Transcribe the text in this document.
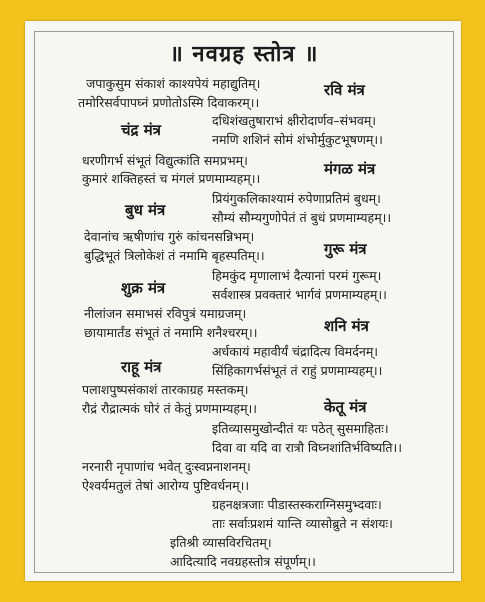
॥ नवग्रह स्तोत्र ॥
रवि मंत्र
चंद्र मंत्र
मंगळ मंत्र
बुध मंत्र
गुरू मंत्र
शुक्र मंत्र
शनि मंत्र
राहू मंत्र
केतू मंत्र
जपाकुसुम संकाशं काश्यपेयं महाद्युतिम्।
तमोरिसर्वपापघ्नं प्रणोतोऽस्मि दिवाकरम्।।
दधिशंखतुषाराभं क्षीरोदार्णव–संभवम्।
नमणि शशिनं सोमं शंभोर्मुकुटभूषणम्।।
धरणीगर्भ संभूतं विद्युत्कांति समप्रभम्।
कुमारं शक्तिहस्तं च मंगलं प्रणमाम्यहम्।।
प्रियंगुकलिकाश्यामं रुपेणाप्रतिमं बुधम्।
सौम्यं सौम्यगुणोपेतं तं बुधं प्रणमाम्यहम्।।
देवानांच ऋषीणांच गुरुं कांचनसन्निभम्।
बुद्धिभूतं त्रिलोकेशं तं नमामि बृहस्पतिम्।।
हिमकुंद मृणालाभं दैत्यानां परमं गुरूम्।
सर्वशास्त्र प्रवक्तारं भार्गवं प्रणमाम्यहम्।।
नीलांजन समाभसं रविपुत्रं यमाग्रजम्।
छायामार्तंड संभूतं तं नमामि शनैश्चरम्।।
अर्धकायं महावीर्यं चंद्रादित्य विमर्दनम्।
सिंहिकागर्भसंभूतं तं राहुं प्रणमाम्यहम्।।
पलाशपुष्पसंकाशं तारकाग्रह मस्तकम्।
रौद्रं रौद्रात्मकं घोरं तं केतुं प्रणमाम्यहम्।।
इतिव्यासमुखोन्दीतं यः पठेत् सुसमाहितः।
दिवा वा यदि वा रात्रौ विघ्नशांतिर्भविष्यति।।
नरनारी नृपाणांच भवेत् दुःस्वप्ननाशनम्।
ऐश्वर्यमतुलं तेषां आरोग्य पुष्टिवर्धनम्।।
ग्रहनक्षत्रजाः पीडास्तस्कराग्निसमुभ्दवाः।
ताः सर्वाःप्रशमं यान्ति व्यासोब्रुते न संशयः।
इतिश्री व्यासविरचितम्।
आदित्यादि नवग्रहस्तोत्र संपूर्णम्।।
